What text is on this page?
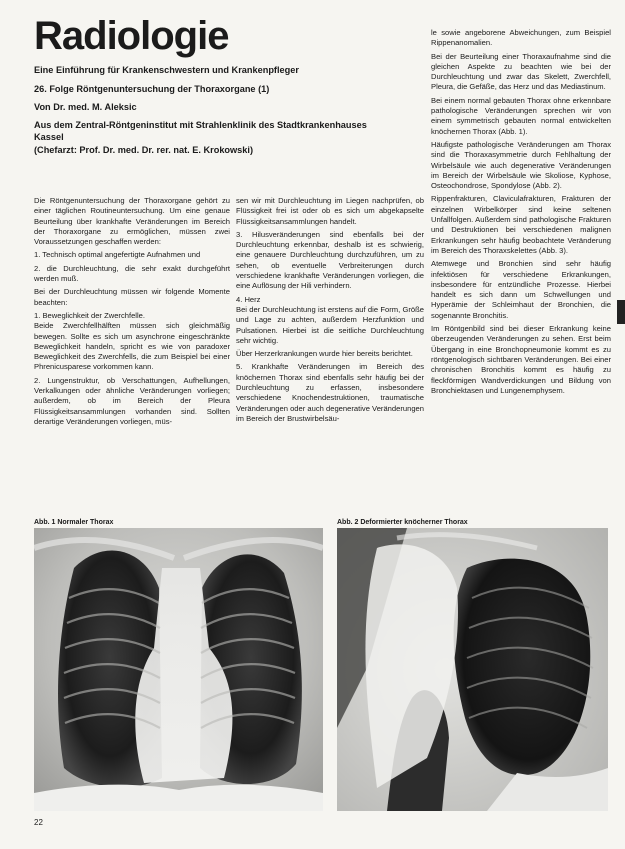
Radiologie
Eine Einführung für Krankenschwestern und Krankenpfleger
26. Folge Röntgenuntersuchung der Thoraxorgane (1)
Von Dr. med. M. Aleksic
Aus dem Zentral-Röntgeninstitut mit Strahlenklinik des Stadtkrankenhauses Kassel
(Chefarzt: Prof. Dr. med. Dr. rer. nat. E. Krokowski)

Die Röntgenuntersuchung der Thoraxorgane gehört zu einer täglichen Routineuntersuchung. Um eine genaue Beurteilung über krankhafte Veränderungen im Bereich der Thoraxorgane zu ermöglichen, müssen zwei Voraussetzungen geschaffen werden:

1. Technisch optimal angefertigte Aufnahmen und

2. die Durchleuchtung, die sehr exakt durchgeführt werden muß.

Bei der Durchleuchtung müssen wir folgende Momente beachten:

1. Beweglichkeit der Zwerchfelle.
Beide Zwerchfellhälften müssen sich gleichmäßig bewegen. Sollte es sich um asynchrone eingeschränkte Beweglichkeit handeln, spricht es wie von paradoxer Beweglichkeit des Zwerchfells, die zum Beispiel bei einer Phrenicusparese vorkommen kann.

2. Lungenstruktur, ob Verschattungen, Aufhellungen, Verkalkungen oder ähnliche Veränderungen vorliegen; außerdem, ob im Bereich der Pleura Flüssigkeitsansammlungen vorhanden sind. Sollten derartige Veränderungen vorliegen, müs-

sen wir mit Durchleuchtung im Liegen nachprüfen, ob Flüssigkeit frei ist oder ob es sich um abgekapselte Flüssigkeitsansammlungen handelt.

3. Hilusveränderungen sind ebenfalls bei der Durchleuchtung erkennbar, deshalb ist es schwierig, eine genauere Durchleuchtung durchzuführen, um zu sehen, ob eventuelle Verbreiterungen durch verschiedene krankhafte Veränderungen vorliegen, die eine Auflösung der Hili verhindern.

4. Herz
Bei der Durchleuchtung ist erstens auf die Form, Größe und Lage zu achten, außerdem Herzfunktion und Pulsationen. Hierbei ist die seitliche Durchleuchtung sehr wichtig.

Über Herzerkrankungen wurde hier bereits berichtet.

5. Krankhafte Veränderungen im Bereich des knöchernen Thorax sind ebenfalls sehr häufig bei der Durchleuchtung zu erfassen, insbesondere verschiedene Knochendestruktionen, traumatische Veränderungen oder auch degenerative Veränderungen im Bereich der Brustwirbelsäu-

le sowie angeborene Abweichungen, zum Beispiel Rippenanomalien.

Bei der Beurteilung einer Thoraxaufnahme sind die gleichen Aspekte zu beachten wie bei der Durchleuchtung und zwar das Skelett, Zwerchfell, Pleura, die Gefäße, das Herz und das Mediastinum.

Bei einem normal gebauten Thorax ohne erkennbare pathologische Veränderungen sprechen wir von einem symmetrisch gebauten normal entwickelten knöchernen Thorax (Abb. 1).

Häufigste pathologische Veränderungen am Thorax sind die Thoraxasymmetrie durch Fehlhaltung der Wirbelsäule wie auch degenerative Veränderungen im Bereich der Wirbelsäule wie Skoliose, Kyphose, Osteochondrose, Spondylose (Abb. 2).

Rippenfrakturen, Claviculafrakturen, Frakturen der einzelnen Wirbelkörper sind keine seltenen Unfallfolgen. Außerdem sind pathologische Frakturen und Destruktionen bei verschiedenen malignen Erkrankungen sehr häufig beobachtete Veränderung im Bereich des Thoraxskelettes (Abb. 3).

Atemwege und Bronchien sind sehr häufig infektiösen für verschiedene Erkrankungen, insbesondere für entzündliche Prozesse. Hierbei handelt es sich dann um Schwellungen und Hyperämie der Schleimhaut der Bronchien, die sogenannte Bronchitis.

Im Röntgenbild sind bei dieser Erkrankung keine überzeugenden Veränderungen zu sehen. Erst beim Übergang in eine Bronchopneumonie kommt es zu röntgenologisch sichtbaren Veränderungen. Bei einer chronischen Bronchitis kommt es häufig zu fleckförmigen Wandverdickungen und Bildung von Bronchiektasen und Lungenemphysem.

Abb. 1 Normaler Thorax	Abb. 2 Deformierter knöcherner Thorax
22
